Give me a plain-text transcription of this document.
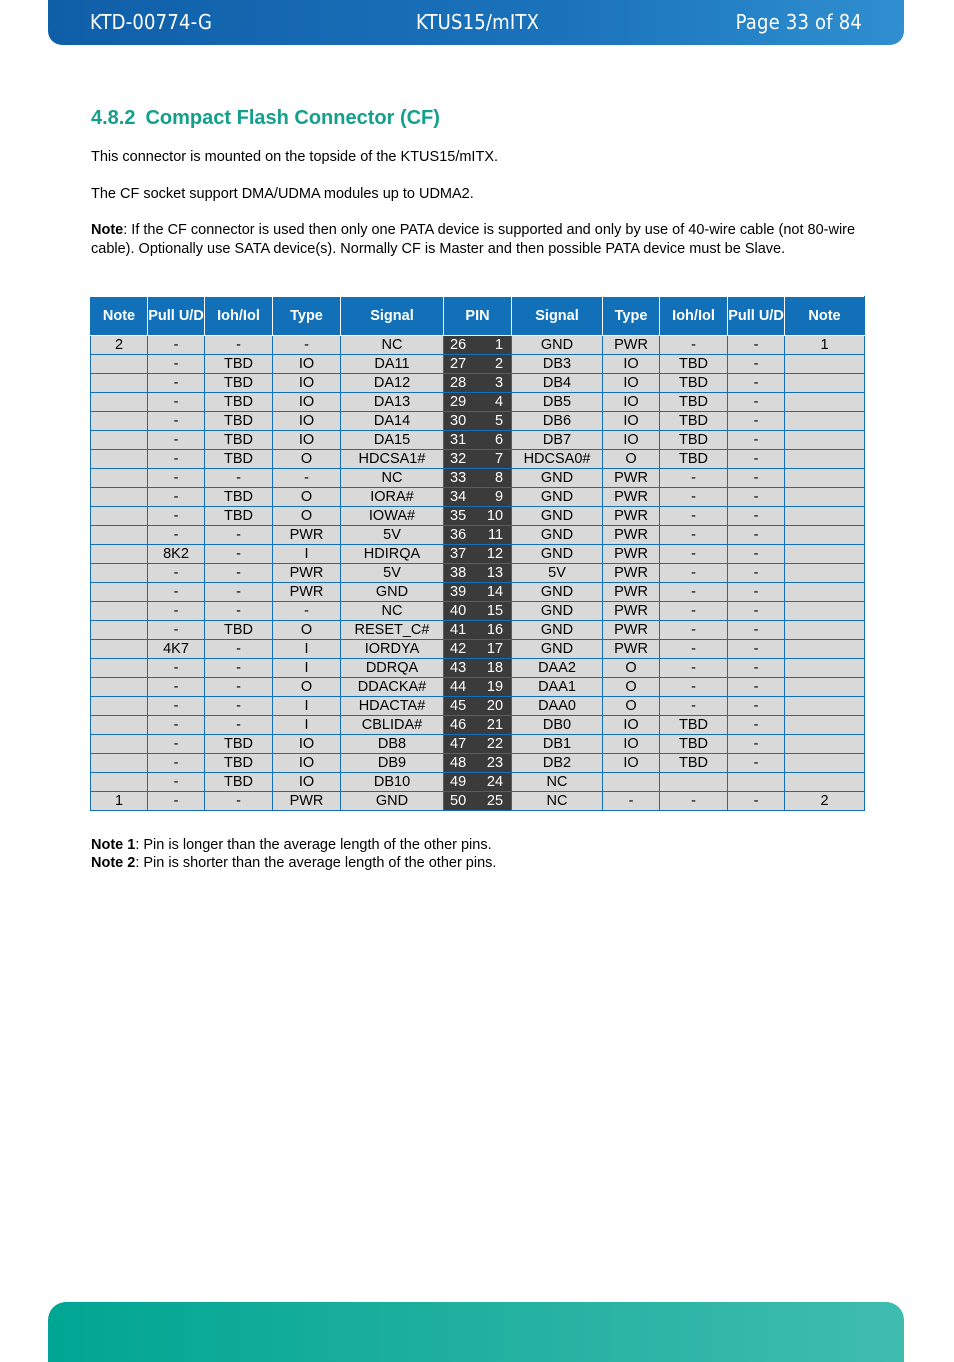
KTD-00774-G	KTUS15/mITX	Page 33 of 84
4.8.2 Compact Flash Connector (CF)

This connector is mounted on the topside of the KTUS15/mITX.

The CF socket support DMA/UDMA modules up to UDMA2.

Note: If the CF connector is used then only one PATA device is supported and only by use of 40-wire cable (not 80-wire cable). Optionally use SATA device(s). Normally CF is Master and then possible PATA device must be Slave.

Note	Pull U/D	Ioh/Iol	Type	Signal	PIN		Signal	Type	Ioh/Iol	Pull U/D	Note
2	-	-	-	NC	26	1	GND	PWR	-	-	1
	-	TBD	IO	DA11	27	2	DB3	IO	TBD	-	
	-	TBD	IO	DA12	28	3	DB4	IO	TBD	-	
	-	TBD	IO	DA13	29	4	DB5	IO	TBD	-	
	-	TBD	IO	DA14	30	5	DB6	IO	TBD	-	
	-	TBD	IO	DA15	31	6	DB7	IO	TBD	-	
	-	TBD	O	HDCSA1#	32	7	HDCSA0#	O	TBD	-	
	-	-	-	NC	33	8	GND	PWR	-	-	
	-	TBD	O	IORA#	34	9	GND	PWR	-	-	
	-	TBD	O	IOWA#	35	10	GND	PWR	-	-	
	-	-	PWR	5V	36	11	GND	PWR	-	-	
	8K2	-	I	HDIRQA	37	12	GND	PWR	-	-	
	-	-	PWR	5V	38	13	5V	PWR	-	-	
	-	-	PWR	GND	39	14	GND	PWR	-	-	
	-	-	-	NC	40	15	GND	PWR	-	-	
	-	TBD	O	RESET_C#	41	16	GND	PWR	-	-	
	4K7	-	I	IORDYA	42	17	GND	PWR	-	-	
	-	-	I	DDRQA	43	18	DAA2	O	-	-	
	-	-	O	DDACKA#	44	19	DAA1	O	-	-	
	-	-	I	HDACTA#	45	20	DAA0	O	-	-	
	-	-	I	CBLIDA#	46	21	DB0	IO	TBD	-	
	-	TBD	IO	DB8	47	22	DB1	IO	TBD	-	
	-	TBD	IO	DB9	48	23	DB2	IO	TBD	-	
	-	TBD	IO	DB10	49	24	NC				
1	-	-	PWR	GND	50	25	NC	-	-	-	2
Note 1: Pin is longer than the average length of the other pins.
Note 2: Pin is shorter than the average length of the other pins.
